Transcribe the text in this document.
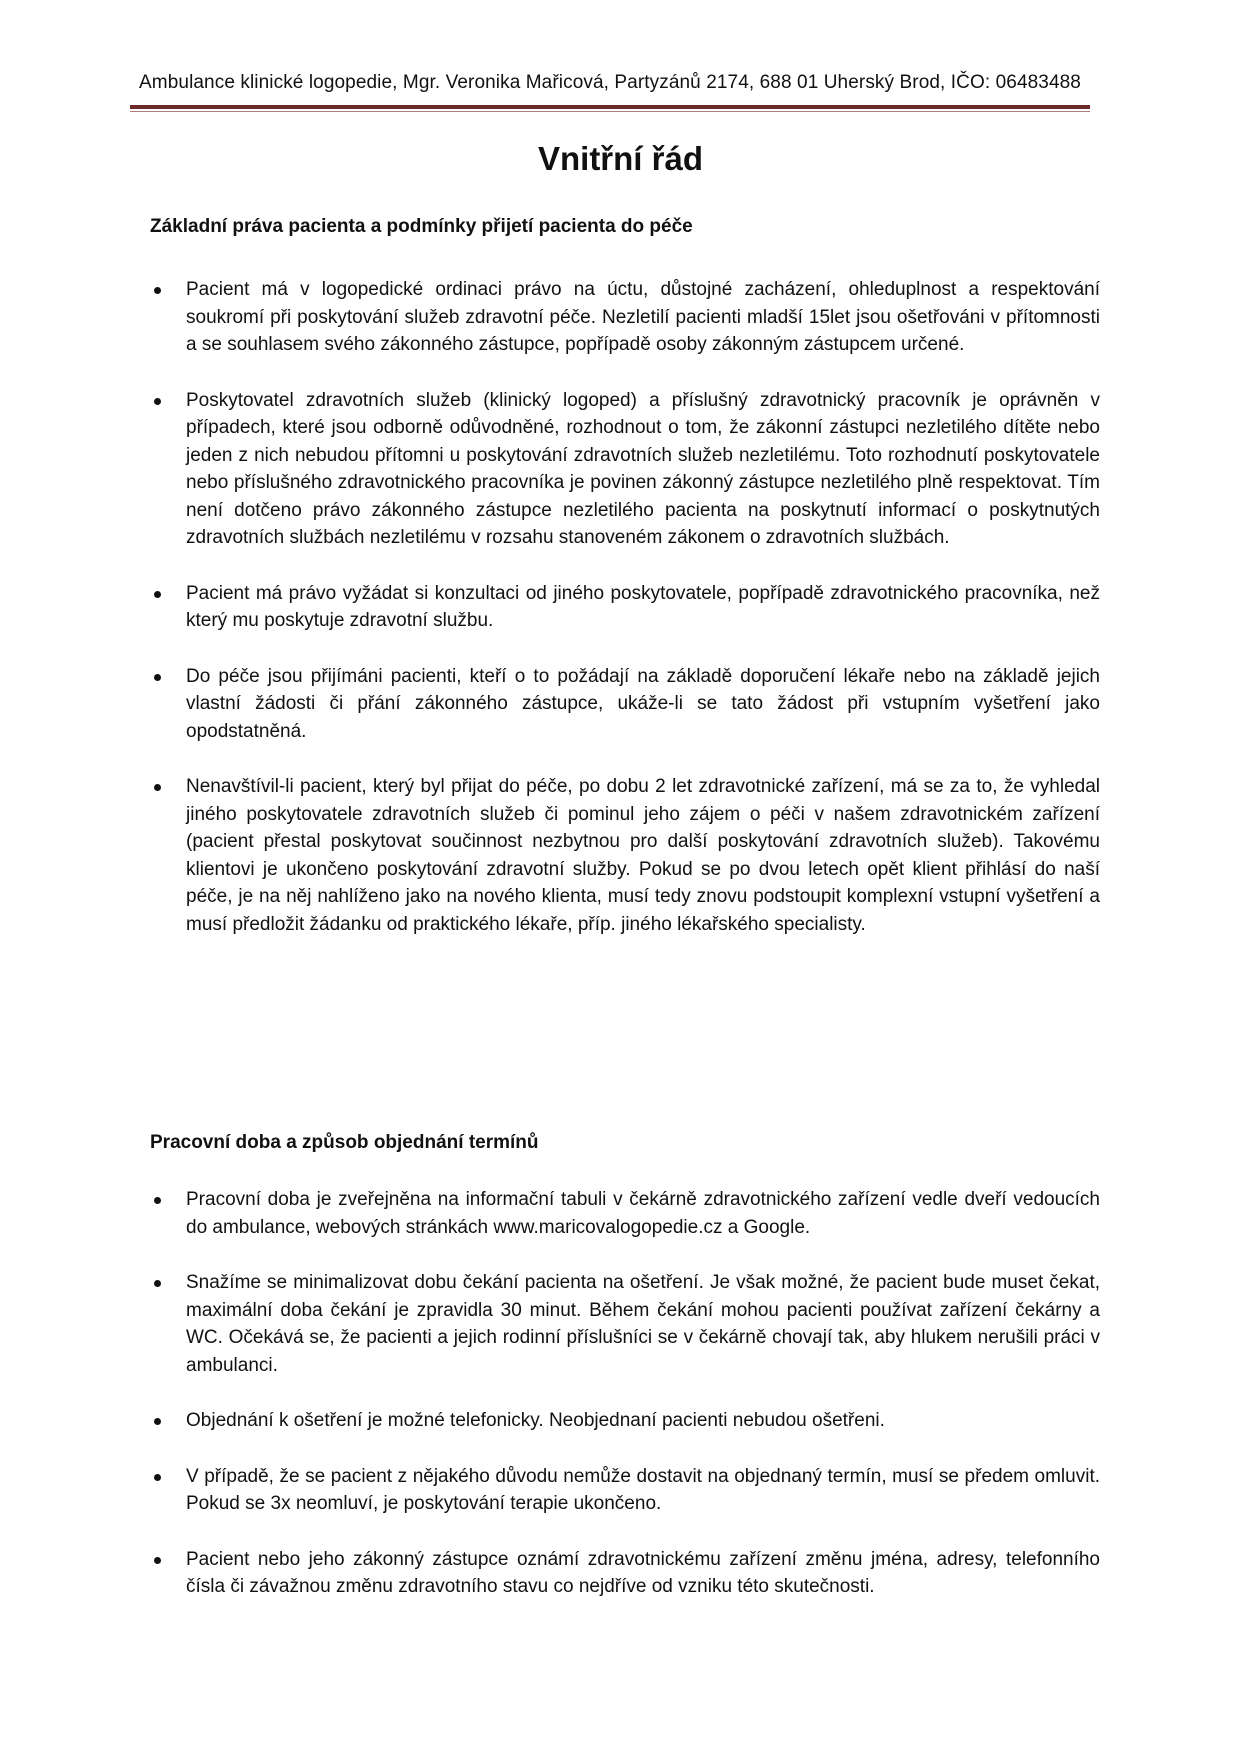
Ambulance klinické logopedie, Mgr. Veronika Mařicová, Partyzánů 2174, 688 01 Uherský Brod, IČO: 06483488
Vnitřní řád
Základní práva pacienta a podmínky přijetí pacienta do péče
Pacient má v logopedické ordinaci právo na úctu, důstojné zacházení, ohleduplnost a respektování soukromí při poskytování služeb zdravotní péče. Nezletilí pacienti mladší 15let jsou ošetřováni v přítomnosti a se souhlasem svého zákonného zástupce, popřípadě osoby zákonným zástupcem určené.
Poskytovatel zdravotních služeb (klinický logoped) a příslušný zdravotnický pracovník je oprávněn v případech, které jsou odborně odůvodněné, rozhodnout o tom, že zákonní zástupci nezletilého dítěte nebo jeden z nich nebudou přítomni u poskytování zdravotních služeb nezletilému. Toto rozhodnutí poskytovatele nebo příslušného zdravotnického pracovníka je povinen zákonný zástupce nezletilého plně respektovat. Tím není dotčeno právo zákonného zástupce nezletilého pacienta na poskytnutí informací o poskytnutých zdravotních službách nezletilému v rozsahu stanoveném zákonem o zdravotních službách.
Pacient má právo vyžádat si konzultaci od jiného poskytovatele, popřípadě zdravotnického pracovníka, než který mu poskytuje zdravotní službu.
Do péče jsou přijímáni pacienti, kteří o to požádají na základě doporučení lékaře nebo na základě jejich vlastní žádosti či přání zákonného zástupce, ukáže-li se tato žádost při vstupním vyšetření jako opodstatněná.
Nenavštívil-li pacient, který byl přijat do péče, po dobu 2 let zdravotnické zařízení, má se za to, že vyhledal jiného poskytovatele zdravotních služeb či pominul jeho zájem o péči v našem zdravotnickém zařízení (pacient přestal poskytovat součinnost nezbytnou pro další poskytování zdravotních služeb). Takovému klientovi je ukončeno poskytování zdravotní služby. Pokud se po dvou letech opět klient přihlásí do naší péče, je na něj nahlíženo jako na nového klienta, musí tedy znovu podstoupit komplexní vstupní vyšetření a musí předložit žádanku od praktického lékaře, příp. jiného lékařského specialisty.
Pracovní doba a způsob objednání termínů
Pracovní doba je zveřejněna na informační tabuli v čekárně zdravotnického zařízení vedle dveří vedoucích do ambulance, webových stránkách www.maricovalogopedie.cz a Google.
Snažíme se minimalizovat dobu čekání pacienta na ošetření. Je však možné, že pacient bude muset čekat, maximální doba čekání je zpravidla 30 minut. Během čekání mohou pacienti používat zařízení čekárny a WC. Očekává se, že pacienti a jejich rodinní příslušníci se v čekárně chovají tak, aby hlukem nerušili práci v ambulanci.
Objednání k ošetření je možné telefonicky. Neobjednaní pacienti nebudou ošetřeni.
V případě, že se pacient z nějakého důvodu nemůže dostavit na objednaný termín, musí se předem omluvit. Pokud se 3x neomluví, je poskytování terapie ukončeno.
Pacient nebo jeho zákonný zástupce oznámí zdravotnickému zařízení změnu jména, adresy, telefonního čísla či závažnou změnu zdravotního stavu co nejdříve od vzniku této skutečnosti.
